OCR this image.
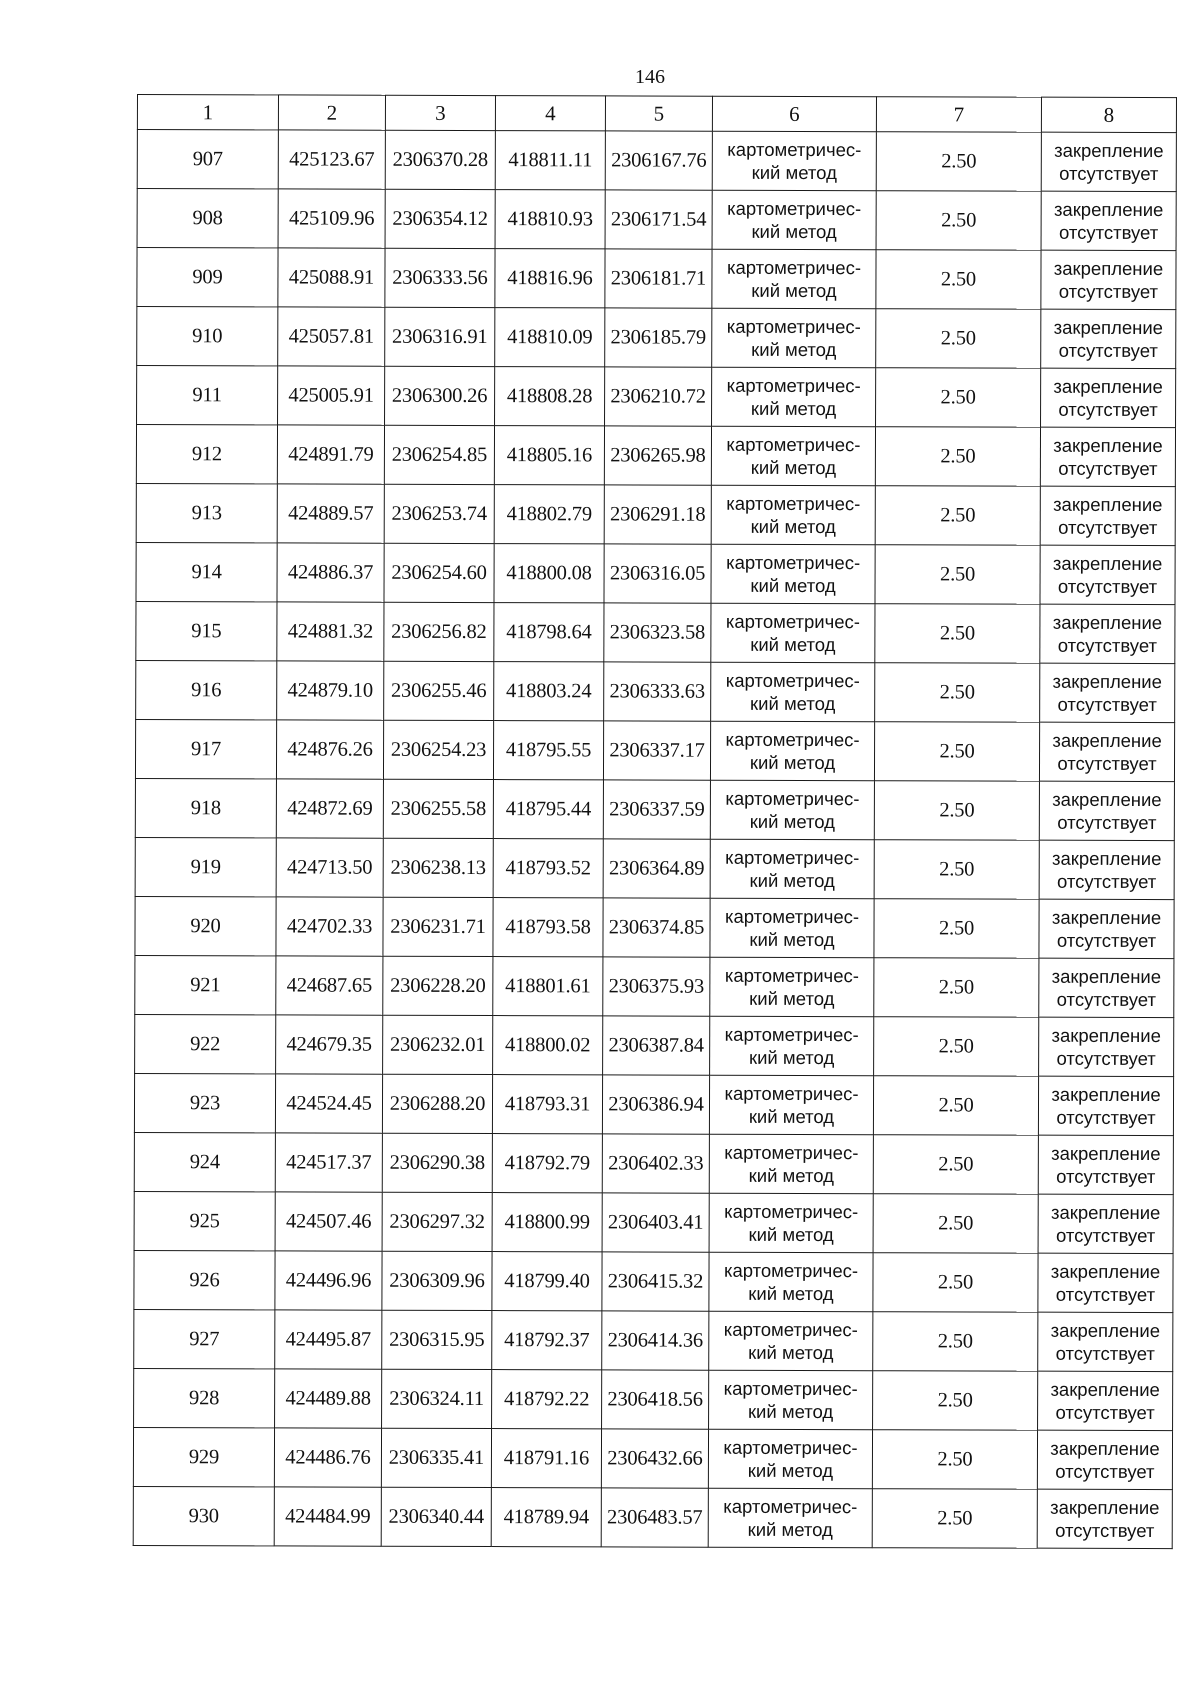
146
1	2	3	4	5	6	7	8
907	425123.67	2306370.28	418811.11	2306167.76	картометричес-
кий метод	2.50	закрепление
отсутствует

908	425109.96	2306354.12	418810.93	2306171.54	картометричес-
кий метод	2.50	закрепление
отсутствует

909	425088.91	2306333.56	418816.96	2306181.71	картометричес-
кий метод	2.50	закрепление
отсутствует

910	425057.81	2306316.91	418810.09	2306185.79	картометричес-
кий метод	2.50	закрепление
отсутствует

911	425005.91	2306300.26	418808.28	2306210.72	картометричес-
кий метод	2.50	закрепление
отсутствует

912	424891.79	2306254.85	418805.16	2306265.98	картометричес-
кий метод	2.50	закрепление
отсутствует

913	424889.57	2306253.74	418802.79	2306291.18	картометричес-
кий метод	2.50	закрепление
отсутствует

914	424886.37	2306254.60	418800.08	2306316.05	картометричес-
кий метод	2.50	закрепление
отсутствует

915	424881.32	2306256.82	418798.64	2306323.58	картометричес-
кий метод	2.50	закрепление
отсутствует

916	424879.10	2306255.46	418803.24	2306333.63	картометричес-
кий метод	2.50	закрепление
отсутствует

917	424876.26	2306254.23	418795.55	2306337.17	картометричес-
кий метод	2.50	закрепление
отсутствует

918	424872.69	2306255.58	418795.44	2306337.59	картометричес-
кий метод	2.50	закрепление
отсутствует

919	424713.50	2306238.13	418793.52	2306364.89	картометричес-
кий метод	2.50	закрепление
отсутствует

920	424702.33	2306231.71	418793.58	2306374.85	картометричес-
кий метод	2.50	закрепление
отсутствует

921	424687.65	2306228.20	418801.61	2306375.93	картометричес-
кий метод	2.50	закрепление
отсутствует

922	424679.35	2306232.01	418800.02	2306387.84	картометричес-
кий метод	2.50	закрепление
отсутствует

923	424524.45	2306288.20	418793.31	2306386.94	картометричес-
кий метод	2.50	закрепление
отсутствует

924	424517.37	2306290.38	418792.79	2306402.33	картометричес-
кий метод	2.50	закрепление
отсутствует

925	424507.46	2306297.32	418800.99	2306403.41	картометричес-
кий метод	2.50	закрепление
отсутствует

926	424496.96	2306309.96	418799.40	2306415.32	картометричес-
кий метод	2.50	закрепление
отсутствует

927	424495.87	2306315.95	418792.37	2306414.36	картометричес-
кий метод	2.50	закрепление
отсутствует

928	424489.88	2306324.11	418792.22	2306418.56	картометричес-
кий метод	2.50	закрепление
отсутствует

929	424486.76	2306335.41	418791.16	2306432.66	картометричес-
кий метод	2.50	закрепление
отсутствует

930	424484.99	2306340.44	418789.94	2306483.57	картометричес-
кий метод	2.50	закрепление
отсутствует
